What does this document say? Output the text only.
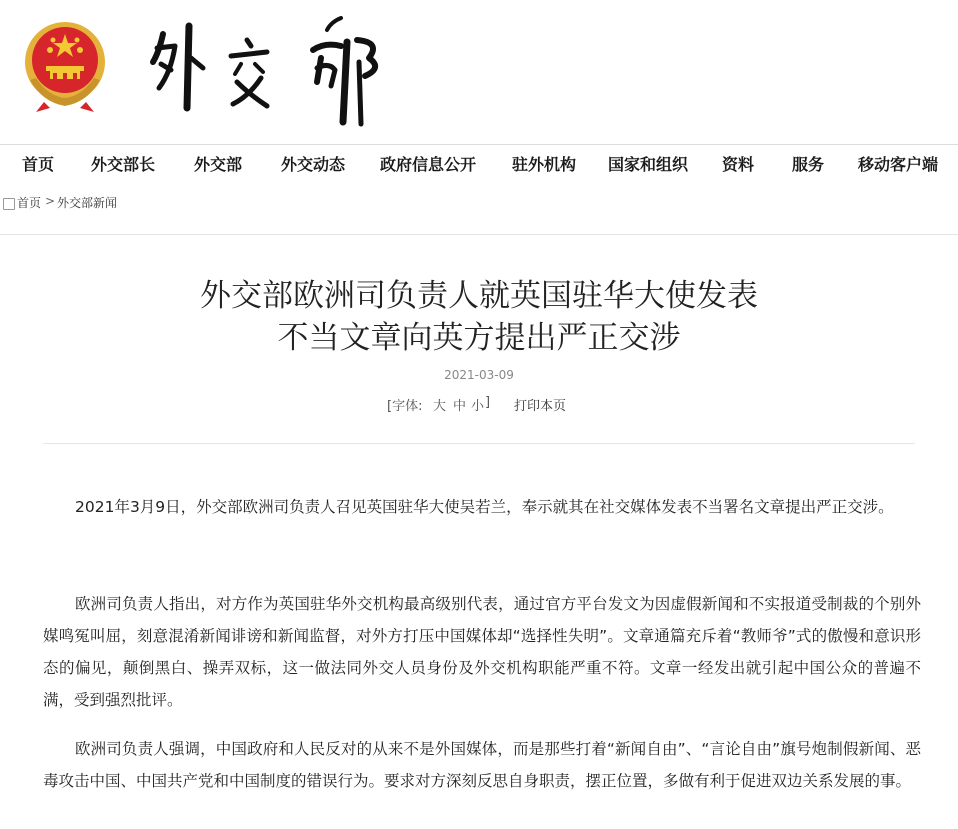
首页 外交部长 外交部 外交动态 政府信息公开 驻外机构 国家和组织 资料 服务 移动客户端
首页 > 外交部新闻
外交部欧洲司负责人就英国驻华大使发表
不当文章向英方提出严正交涉
2021-03-09
[字体: 大 中 小 ] 打印本页

2021年3月9日，外交部欧洲司负责人召见英国驻华大使吴若兰，奉示就其在社交媒体发表不当署名文章提出严正交涉。

欧洲司负责人指出，对方作为英国驻华外交机构最高级别代表，通过官方平台发文为因虚假新闻和不实报道受制裁的个别外媒鸣冤叫屈，刻意混淆新闻诽谤和新闻监督，对外方打压中国媒体却“选择性失明”。文章通篇充斥着“教师爷”式的傲慢和意识形态的偏见，颠倒黑白、操弄双标，这一做法同外交人员身份及外交机构职能严重不符。文章一经发出就引起中国公众的普遍不满，受到强烈批评。

欧洲司负责人强调，中国政府和人民反对的从来不是外国媒体，而是那些打着“新闻自由”、“言论自由”旗号炮制假新闻、恶毒攻击中国、中国共产党和中国制度的错误行为。要求对方深刻反思自身职责，摆正位置，多做有利于促进双边关系发展的事。
